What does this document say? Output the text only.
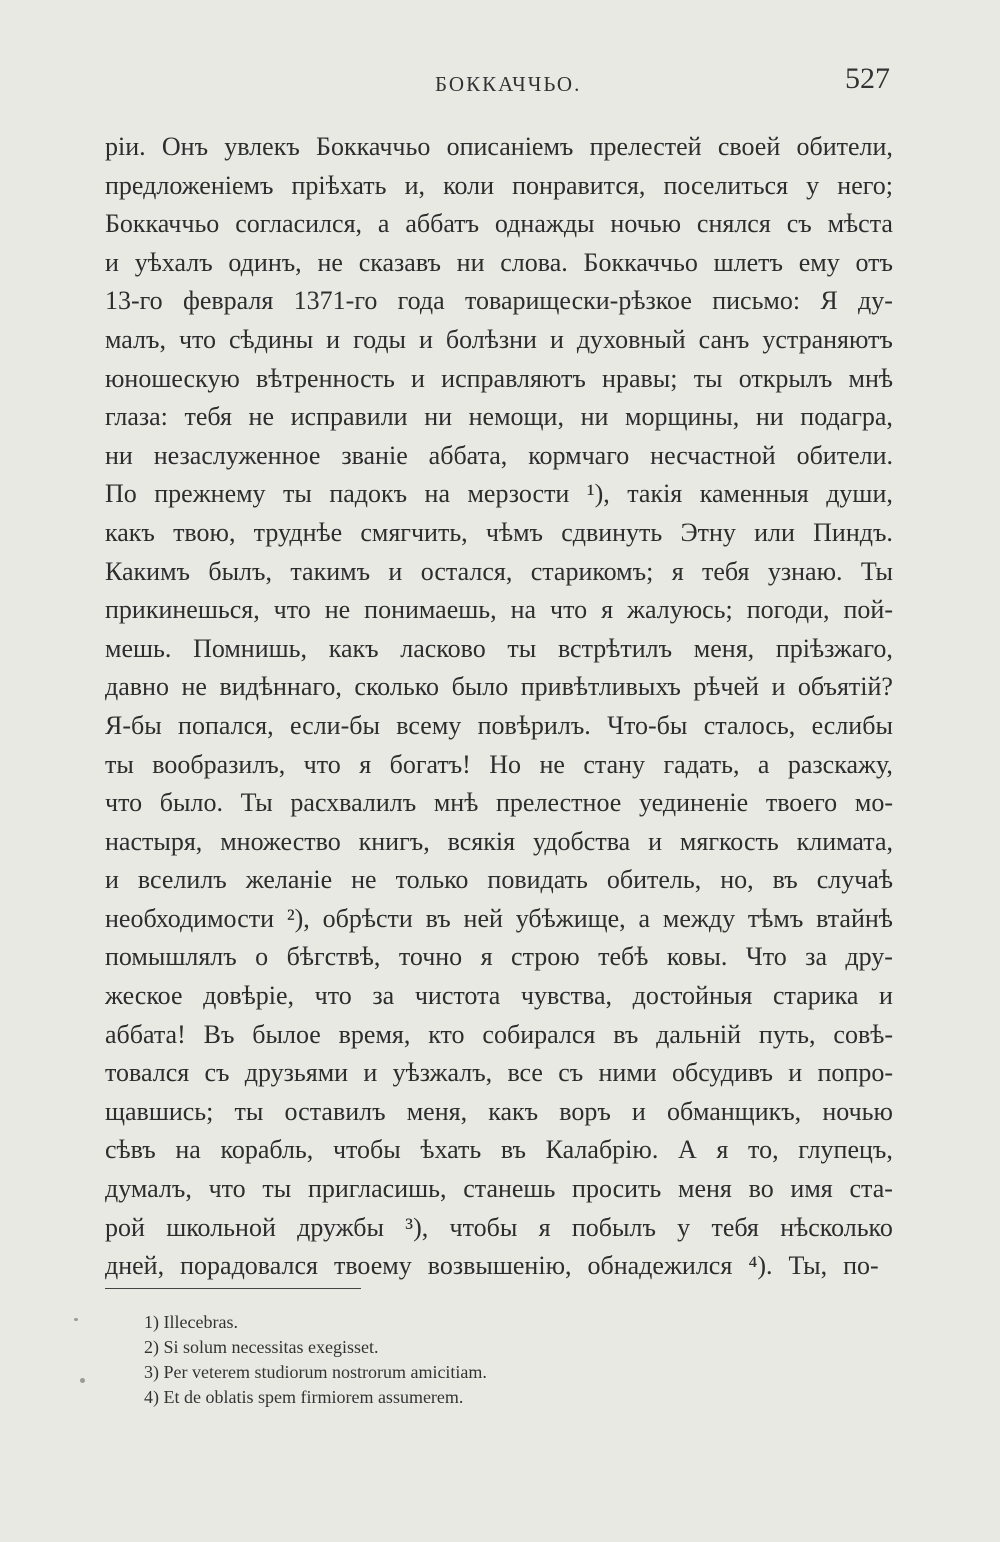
БОККАЧЧЬО.	527
ріи. Онъ увлекъ Боккаччьо описаніемъ прелестей своей обители,
предложеніемъ пріѣхать и, коли понравится, поселиться у него;
Боккаччьо согласился, а аббатъ однажды ночью снялся съ мѣста
и уѣхалъ одинъ, не сказавъ ни слова. Боккаччьо шлетъ ему отъ
13-го февраля 1371-го года товарищески-рѣзкое письмо: Я ду-
малъ, что сѣдины и годы и болѣзни и духовный санъ устраняютъ
юношескую вѣтренность и исправляютъ нравы; ты открылъ мнѣ
глаза: тебя не исправили ни немощи, ни морщины, ни подагра,
ни незаслуженное званіе аббата, кормчаго несчастной обители.
По прежнему ты падокъ на мерзости ¹), такія каменныя души,
какъ твою, труднѣе смягчить, чѣмъ сдвинуть Этну или Пиндъ.
Какимъ былъ, такимъ и остался, старикомъ; я тебя узнаю. Ты
прикинешься, что не понимаешь, на что я жалуюсь; погоди, пой-
мешь. Помнишь, какъ ласково ты встрѣтилъ меня, пріѣзжаго,
давно не видѣннаго, сколько было привѣтливыхъ рѣчей и объятій?
Я-бы попался, если-бы всему повѣрилъ. Что-бы сталось, еслибы
ты вообразилъ, что я богатъ! Но не стану гадать, а разскажу,
что было. Ты расхвалилъ мнѣ прелестное уединеніе твоего мо-
настыря, множество книгъ, всякія удобства и мягкость климата,
и вселилъ желаніе не только повидать обитель, но, въ случаѣ
необходимости ²), обрѣсти въ ней убѣжище, а между тѣмъ втайнѣ
помышлялъ о бѣгствѣ, точно я строю тебѣ ковы. Что за дру-
жеское довѣріе, что за чистота чувства, достойныя старика и
аббата! Въ былое время, кто собирался въ дальній путь, совѣ-
товался съ друзьями и уѣзжалъ, все съ ними обсудивъ и попро-
щавшись; ты оставилъ меня, какъ воръ и обманщикъ, ночью
сѣвъ на корабль, чтобы ѣхать въ Калабрію. А я то, глупецъ,
думалъ, что ты пригласишь, станешь просить меня во имя ста-
рой школьной дружбы ³), чтобы я побылъ у тебя нѣсколько
дней, порадовался твоему возвышенію, обнадежился ⁴). Ты, по-
1) Illecebras.
2) Si solum necessitas exegisset.
3) Per veterem studiorum nostrorum amicitiam.
4) Et de oblatis spem firmiorem assumerem.
